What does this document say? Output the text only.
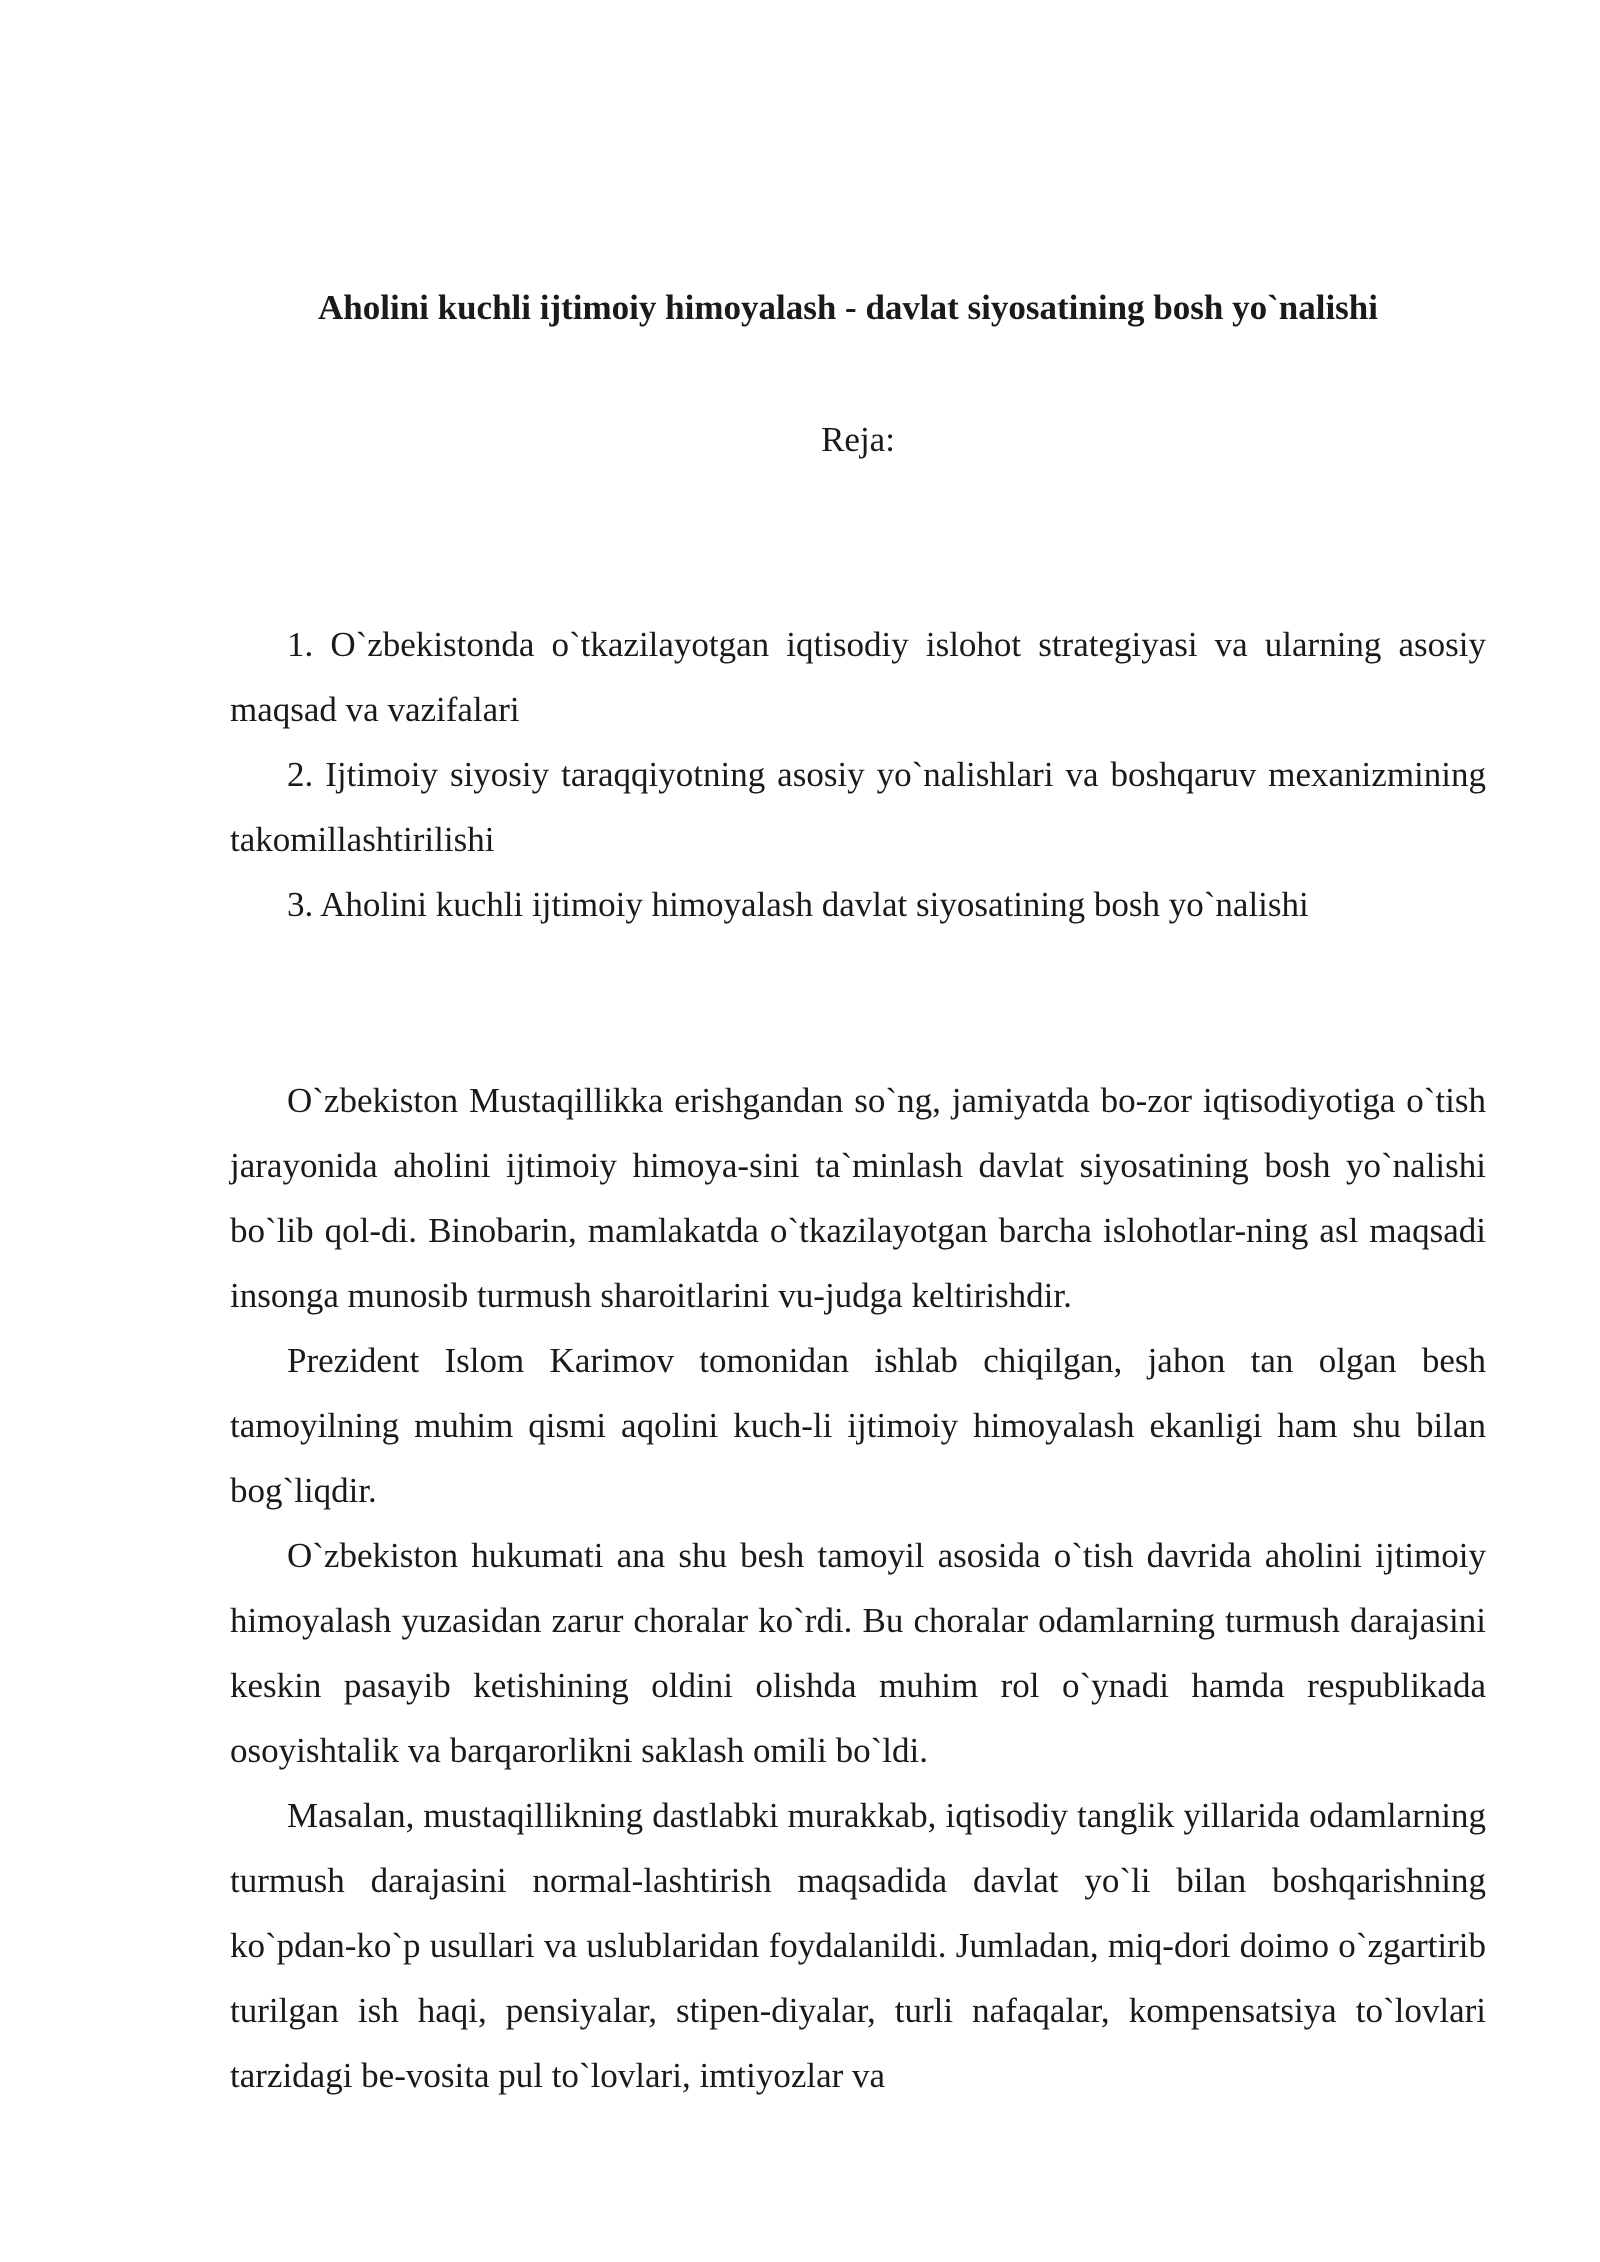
Aholini kuchli ijtimoiy himoyalash - davlat siyosatining bosh yo`nalishi

Reja:

1. O`zbekistonda o`tkazilayotgan iqtisodiy islohot strategiyasi va ularning asosiy maqsad va vazifalari
2. Ijtimoiy siyosiy taraqqiyotning asosiy yo`nalishlari va boshqaruv mexanizmining takomillashtirilishi
3. Aholini kuchli ijtimoiy himoyalash davlat siyosatining bosh yo`nalishi

O`zbekiston Mustaqillikka erishgandan so`ng, jamiyatda bo-zor iqtisodiyotiga o`tish jarayonida aholini ijtimoiy himoya-sini ta`minlash davlat siyosatining bosh yo`nalishi bo`lib qol-di. Binobarin, mamlakatda o`tkazilayotgan barcha islohotlar-ning asl maqsadi insonga munosib turmush sharoitlarini vu-judga keltirishdir.

Prezident Islom Karimov tomonidan ishlab chiqilgan, jahon tan olgan besh tamoyilning muhim qismi aqolini kuch-li ijtimoiy himoyalash ekanligi ham shu bilan bog`liqdir.

O`zbekiston hukumati ana shu besh tamoyil asosida o`tish davrida aholini ijtimoiy himoyalash yuzasidan zarur choralar ko`rdi. Bu choralar odamlarning turmush darajasini keskin pasayib ketishining oldini olishda muhim rol o`ynadi hamda respublikada osoyishtalik va barqarorlikni saklash omili bo`ldi.

Masalan, mustaqillikning dastlabki murakkab, iqtisodiy tanglik yillarida odamlarning turmush darajasini normal-lashtirish maqsadida davlat yo`li bilan boshqarishning ko`pdan-ko`p usullari va uslublaridan foydalanildi. Jumladan, miq-dori doimo o`zgartirib turilgan ish haqi, pensiyalar, stipen-diyalar, turli nafaqalar, kompensatsiya to`lovlari tarzidagi be-vosita pul to`lovlari, imtiyozlar va
